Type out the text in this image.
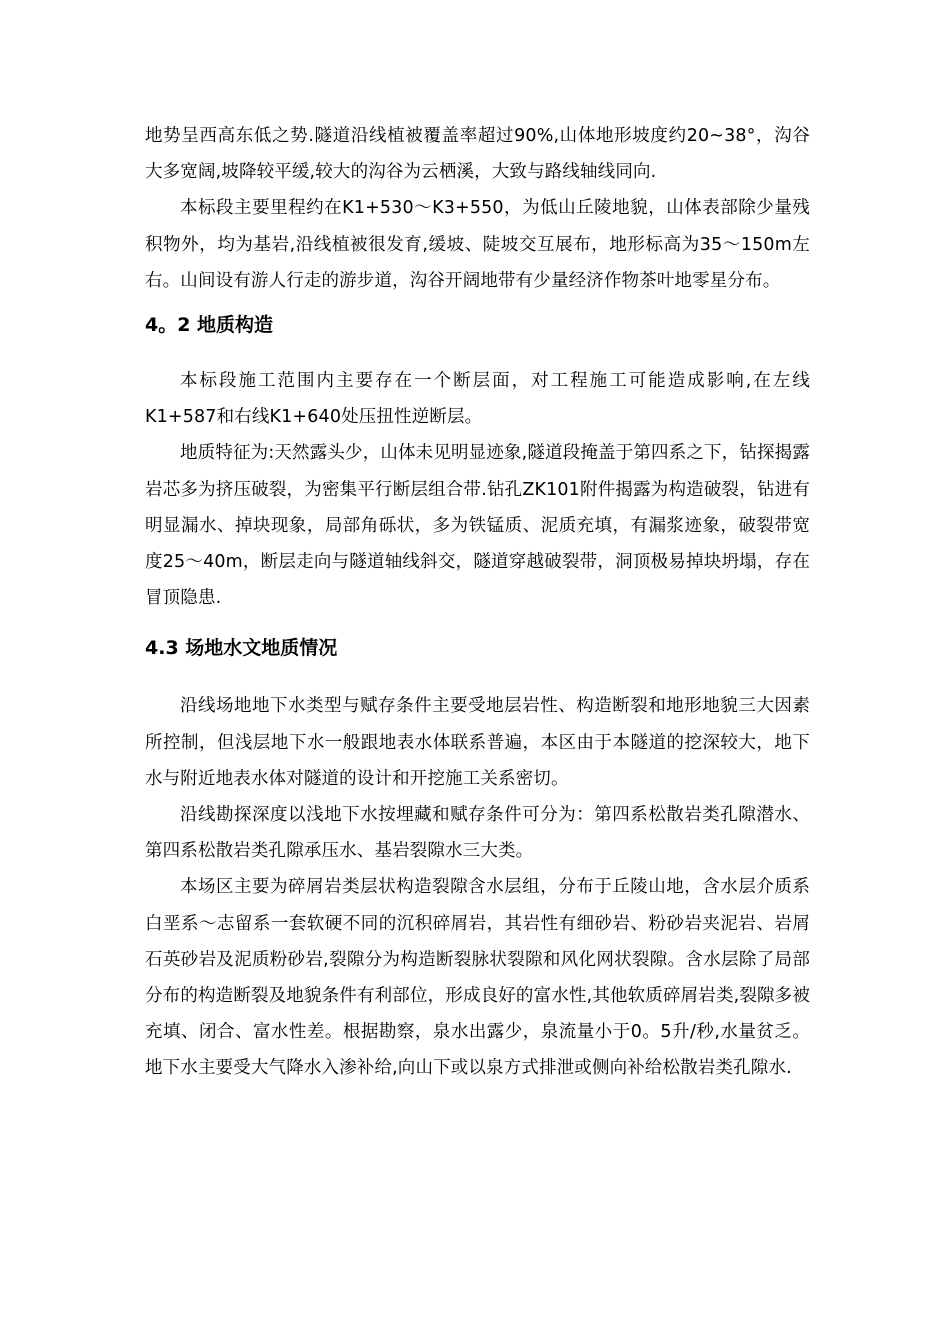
地势呈西高东低之势.隧道沿线植被覆盖率超过90%,山体地形坡度约20~38°，沟谷大多宽阔,坡降较平缓,较大的沟谷为云栖溪，大致与路线轴线同向.

本标段主要里程约在K1+530～K3+550，为低山丘陵地貌，山体表部除少量残积物外，均为基岩,沿线植被很发育,缓坡、陡坡交互展布，地形标高为35～150m左右。山间设有游人行走的游步道，沟谷开阔地带有少量经济作物茶叶地零星分布。

4。2 地质构造

本标段施工范围内主要存在一个断层面，对工程施工可能造成影响,在左线K1+587和右线K1+640处压扭性逆断层。

地质特征为:天然露头少，山体未见明显迹象,隧道段掩盖于第四系之下，钻探揭露岩芯多为挤压破裂，为密集平行断层组合带.钻孔ZK101附件揭露为构造破裂，钻进有明显漏水、掉块现象，局部角砾状，多为铁锰质、泥质充填，有漏浆迹象，破裂带宽度25～40m，断层走向与隧道轴线斜交，隧道穿越破裂带，洞顶极易掉块坍塌，存在冒顶隐患.

4.3 场地水文地质情况

沿线场地地下水类型与赋存条件主要受地层岩性、构造断裂和地形地貌三大因素所控制，但浅层地下水一般跟地表水体联系普遍，本区由于本隧道的挖深较大，地下水与附近地表水体对隧道的设计和开挖施工关系密切。

沿线勘探深度以浅地下水按埋藏和赋存条件可分为：第四系松散岩类孔隙潜水、第四系松散岩类孔隙承压水、基岩裂隙水三大类。

本场区主要为碎屑岩类层状构造裂隙含水层组，分布于丘陵山地，含水层介质系白垩系～志留系一套软硬不同的沉积碎屑岩，其岩性有细砂岩、粉砂岩夹泥岩、岩屑石英砂岩及泥质粉砂岩,裂隙分为构造断裂脉状裂隙和风化网状裂隙。含水层除了局部分布的构造断裂及地貌条件有利部位，形成良好的富水性,其他软质碎屑岩类,裂隙多被充填、闭合、富水性差。根据勘察，泉水出露少，泉流量小于0。5升/秒,水量贫乏。地下水主要受大气降水入渗补给,向山下或以泉方式排泄或侧向补给松散岩类孔隙水.
